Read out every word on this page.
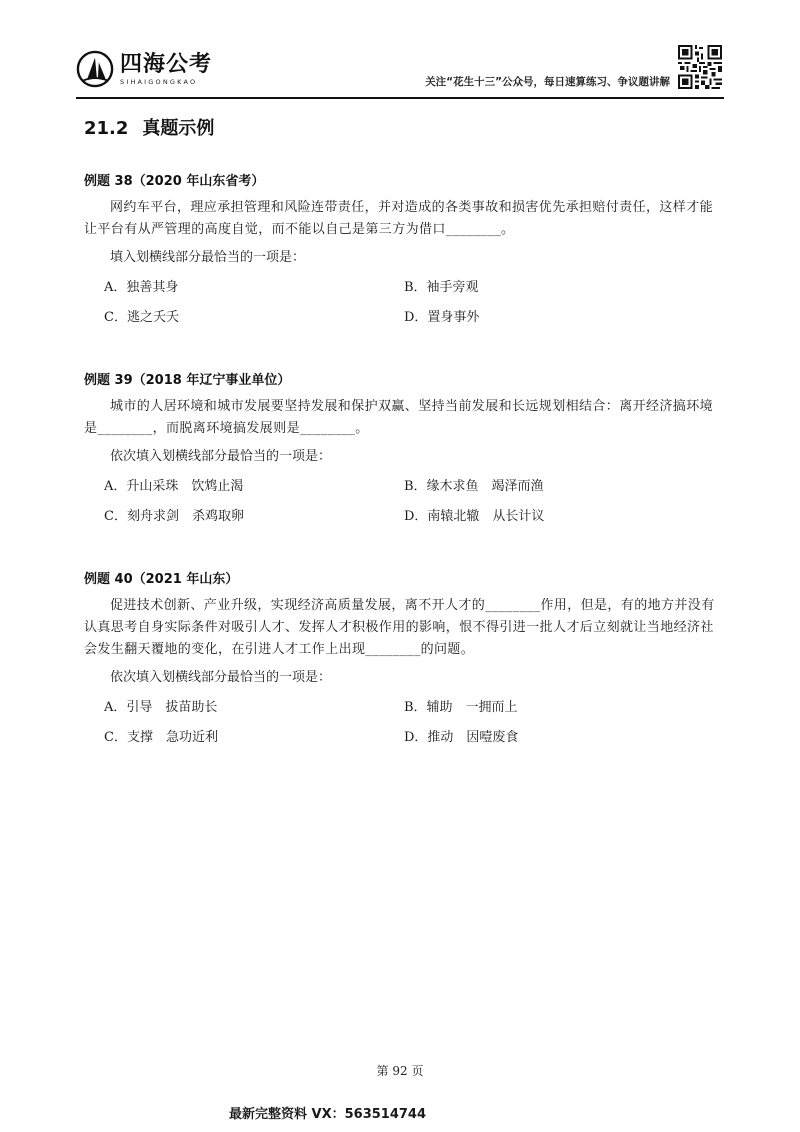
四海公考
SIHAIGONGKAO	关注“花生十三”公众号，每日速算练习、争议题讲解
21.2 真题示例
例题 38（2020 年山东省考）

网约车平台，理应承担管理和风险连带责任，并对造成的各类事故和损害优先承担赔付责任，这样才能让平台有从严管理的高度自觉，而不能以自己是第三方为借口________。

填入划横线部分最恰当的一项是：

A．独善其身	B．袖手旁观
C．逃之夭夭	D．置身事外
例题 39（2018 年辽宁事业单位）

城市的人居环境和城市发展要坚持发展和保护双赢、坚持当前发展和长远规划相结合：离开经济搞环境是________，而脱离环境搞发展则是________。

依次填入划横线部分最恰当的一项是：

A．升山采珠　饮鸩止渴	B．缘木求鱼　竭泽而渔
C．刻舟求剑　杀鸡取卵	D．南辕北辙　从长计议
例题 40（2021 年山东）

促进技术创新、产业升级，实现经济高质量发展，离不开人才的________作用，但是，有的地方并没有认真思考自身实际条件对吸引人才、发挥人才积极作用的影响，恨不得引进一批人才后立刻就让当地经济社会发生翻天覆地的变化，在引进人才工作上出现________的问题。

依次填入划横线部分最恰当的一项是：

A．引导　拔苗助长	B．辅助　一拥而上
C．支撑　急功近利	D．推动　因噎废食
第 92 页
最新完整资料 VX：563514744
